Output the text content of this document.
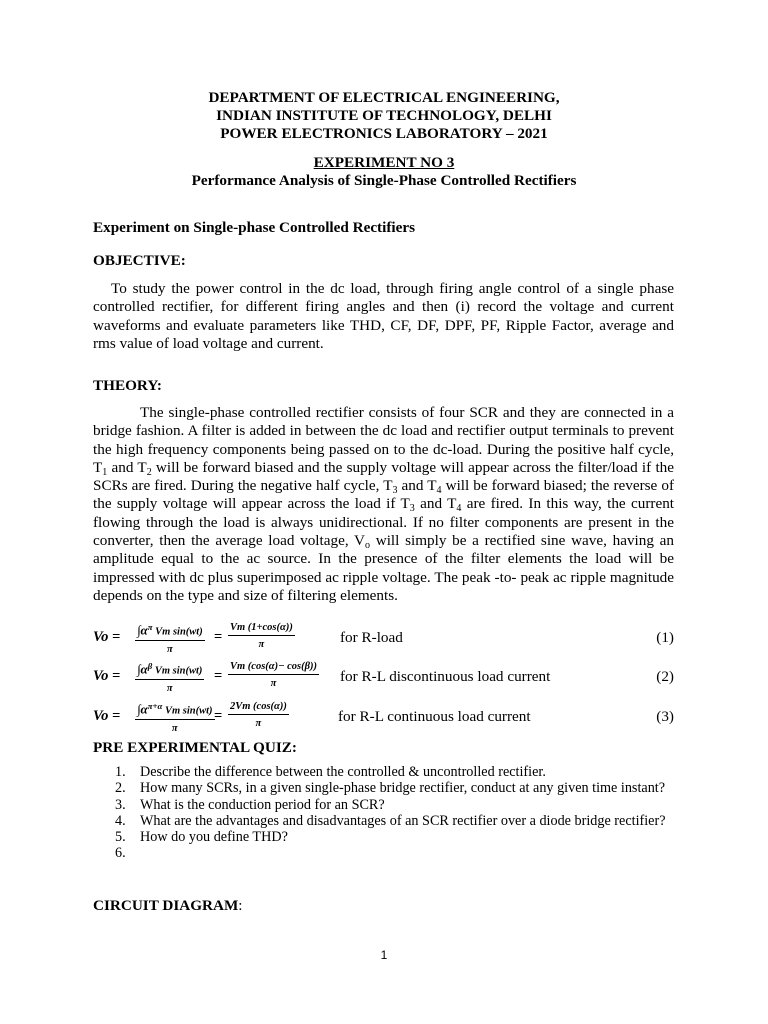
DEPARTMENT OF ELECTRICAL ENGINEERING,
INDIAN INSTITUTE OF TECHNOLOGY, DELHI
POWER ELECTRONICS LABORATORY – 2021
EXPERIMENT NO 3
Performance Analysis of Single-Phase Controlled Rectifiers
Experiment on Single-phase Controlled Rectifiers
OBJECTIVE:
To study the power control in the dc load, through firing angle control of a single phase
controlled rectifier, for different firing angles and then (i) record the voltage and current
waveforms and evaluate parameters like THD, CF, DF, DPF, PF, Ripple Factor, average and
rms value of load voltage and current.
THEORY:
The single-phase controlled rectifier consists of four SCR and they are connected in a
bridge fashion. A filter is added in between the dc load and rectifier output terminals to prevent
the high frequency components being passed on to the dc-load. During the positive half cycle,
$T_1$ and $T_2$ will be forward biased and the supply voltage will appear across the filter/load if the
SCRs are fired. During the negative half cycle, $T_3$ and $T_4$ will be forward biased; the reverse of
the supply voltage will appear across the load if $T_3$ and $T_4$ are fired. In this way, the current
flowing through the load is always unidirectional. If no filter components are present in the
converter, then the average load voltage, $V_o$ will simply be a rectified sine wave, having an
amplitude equal to the ac source. In the presence of the filter elements the load will be
impressed with dc plus superimposed ac ripple voltage. The peak -to- peak ac ripple magnitude
depends on the type and size of filtering elements.
$Vo = \frac{\int\alpha^\pi Vm \sin(wt)}{\pi} = \frac{Vm (1+\cos(\alpha))}{\pi}$	for R-load	(1)
$Vo = \frac{\int\alpha^\beta Vm \sin(wt)}{\pi} = \frac{Vm (\cos(\alpha)- \cos(\beta))}{\pi}$ for R-L discontinuous load current	(2)
$Vo = \frac{\int\alpha^{\pi+\alpha} Vm \sin(wt)}{\pi} = \frac{2Vm (\cos(\alpha))}{\pi}$	for R-L continuous load current	(3)
PRE EXPERIMENTAL QUIZ:
1. Describe the difference between the controlled & uncontrolled rectifier.
2. How many SCRs, in a given single-phase bridge rectifier, conduct at any given time instant?
3. What is the conduction period for an SCR?
4. What are the advantages and disadvantages of an SCR rectifier over a diode bridge rectifier?
5. How do you define THD?
6.

CIRCUIT DIAGRAM:
1
